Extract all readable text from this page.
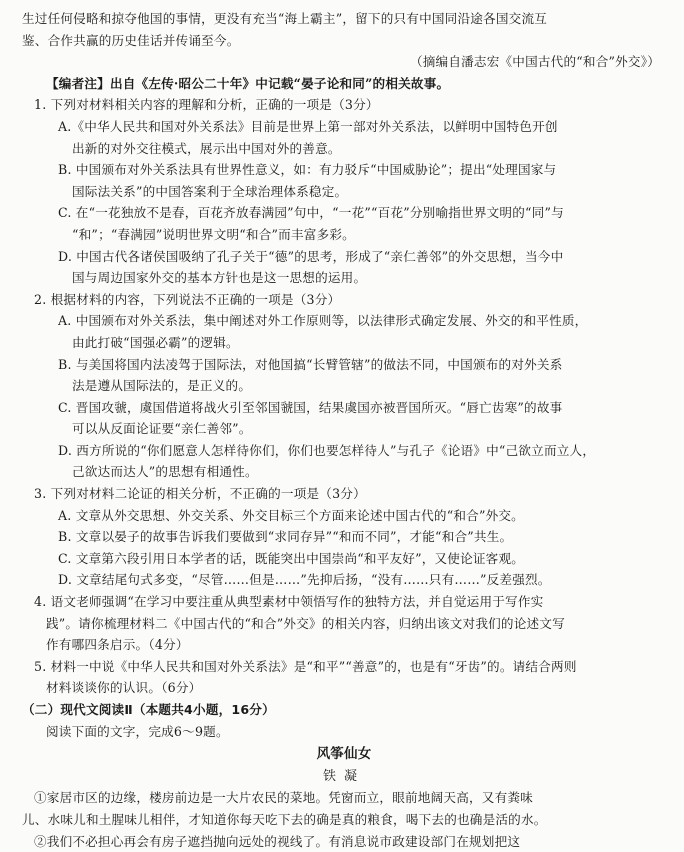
生过任何侵略和掠夺他国的事情，更没有充当“海上霸主”，留下的只有中国同沿途各国交流互

鉴、合作共赢的历史佳话并传诵至今。

（摘编自潘志宏《中国古代的“和合”外交》）

【编者注】出自《左传·昭公二十年》中记载“晏子论和同”的相关故事。

1. 下列对材料相关内容的理解和分析，正确的一项是（3分）

A.《中华人民共和国对外关系法》目前是世界上第一部对外关系法，以鲜明中国特色开创

出新的对外交往模式，展示出中国对外的善意。

B. 中国颁布对外关系法具有世界性意义，如：有力驳斥“中国威胁论”；提出“处理国家与

国际法关系”的中国答案利于全球治理体系稳定。

C. 在“一花独放不是春，百花齐放春满园”句中，“一花”“百花”分别喻指世界文明的“同”与

“和”；“春满园”说明世界文明“和合”而丰富多彩。

D. 中国古代各诸侯国吸纳了孔子关于“德”的思考，形成了“亲仁善邻”的外交思想，当今中

国与周边国家外交的基本方针也是这一思想的运用。

2. 根据材料的内容，下列说法不正确的一项是（3分）

A. 中国颁布对外关系法，集中阐述对外工作原则等，以法律形式确定发展、外交的和平性质，

由此打破“国强必霸”的逻辑。

B. 与美国将国内法凌驾于国际法，对他国搞“长臂管辖”的做法不同，中国颁布的对外关系

法是遵从国际法的，是正义的。

C. 晋国攻虢，虞国借道将战火引至邻国虢国，结果虞国亦被晋国所灭。“唇亡齿寒”的故事

可以从反面论证要“亲仁善邻”。

D. 西方所说的“你们愿意人怎样待你们，你们也要怎样待人”与孔子《论语》中“己欲立而立人，

己欲达而达人”的思想有相通性。

3. 下列对材料二论证的相关分析，不正确的一项是（3分）

A. 文章从外交思想、外交关系、外交目标三个方面来论述中国古代的“和合”外交。

B. 文章以晏子的故事告诉我们要做到“求同存异”“和而不同”，才能“和合”共生。

C. 文章第六段引用日本学者的话，既能突出中国崇尚“和平友好”，又使论证客观。

D. 文章结尾句式多变，“尽管……但是……”先抑后扬，“没有……只有……”反差强烈。

4. 语文老师强调“在学习中要注重从典型素材中领悟写作的独特方法，并自觉运用于写作实

践”。请你梳理材料二《中国古代的“和合”外交》的相关内容，归纳出该文对我们的论述文写

作有哪四条启示。（4分）

5. 材料一中说《中华人民共和国对外关系法》是“和平”“善意”的，也是有“牙齿”的。请结合两则

材料谈谈你的认识。（6分）

（二）现代文阅读Ⅱ（本题共4小题，16分）

阅读下面的文字，完成6～9题。

风筝仙女

铁凝

①家居市区的边缘，楼房前边是一大片农民的菜地。凭窗而立，眼前地阔天高，又有粪味

儿、水味儿和土腥味儿相伴，才知道你每天吃下去的确是真的粮食，喝下去的也确是活的水。

②我们不必担心再会有房子遮挡抛向远处的视线了。有消息说市政建设部门在规划把这
